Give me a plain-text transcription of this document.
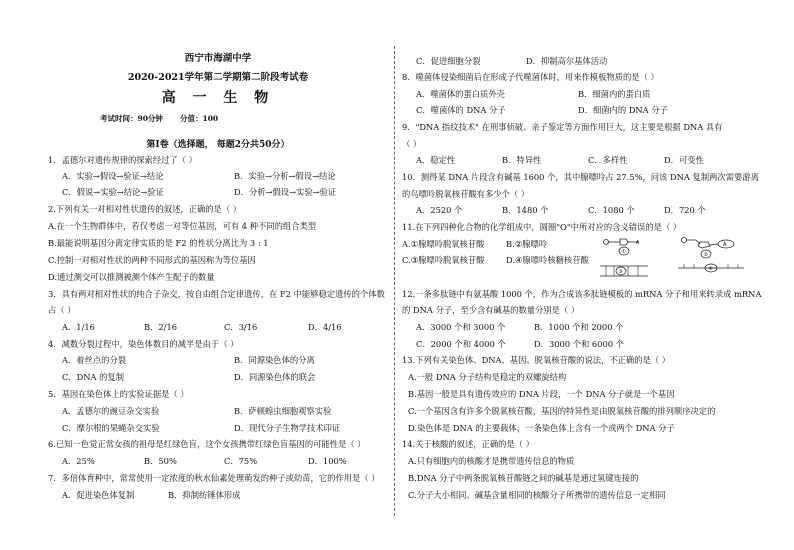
西宁市海湖中学
2020-2021学年第二学期第二阶段考试卷
高 一 生 物
考试时间：90分钟 分值：100
第Ⅰ卷（选择题， 每题2分共50分）
1．孟德尔对遗传规律的探索经过了（ ）
A．实验→假设→验证→结论	B．实验→分析→假设→结论
C．假说→实验→结论→验证	D．分析→假设→实验→验证
2.下列有关一对相对性状遗传的叙述，正确的是（ ）
A.在一个生物群体中，若仅考虑一对等位基因，可有 4 种不同的组合类型
B.最能说明基因分离定律实质的是 F2 的性状分离比为 3 : 1
C.控制一对相对性状的两种不同形式的基因称为等位基因
D.通过测交可以推测被测个体产生配子的数量
3．具有两对相对性状的纯合子杂交，按自由组合定律遗传，在 F2 中能够稳定遗传的个体数
占（ ）
A．1/16	B．2/16	C．3/16	D．4/16
4．减数分裂过程中，染色体数目的减半是由于（ ）
A．着丝点的分裂	B．同源染色体的分离
C．DNA 的复制	D．同源染色体的联会
5．基因在染色体上的实验证据是（ ）
A．孟德尔的豌豆杂交实验	B．萨顿蝗虫细胞观察实验
C．摩尔根的果蝇杂交实验	D．现代分子生物学技术印证
6.已知一色觉正常女孩的祖母是红绿色盲，这个女孩携带红绿色盲基因的可能性是（ ）
A．25%	B．50%	C．75%	D．100%
7．多倍体育种中，常常使用一定浓度的秋水仙素处理萌发的种子或幼苗，它的作用是（ ）
A．促进染色体复制	B．抑制纺锤体形成
C．促进细胞分裂	D．抑制高尔基体活动
8．噬菌体侵染细菌后在形成子代噬菌体时，用来作模板物质的是（ ）
A．噬菌体的蛋白质外壳	B．细菌内的蛋白质
C．噬菌体的 DNA 分子	D．细菌内的 DNA 分子
9．"DNA 指纹技术" 在刑事侦破、亲子鉴定等方面作用巨大，这主要是根据 DNA 具有
（ ）
A．稳定性	B．特异性	C．多样性	D．可变性
10．测得某 DNA 片段含有碱基 1600 个，其中腺嘌呤占 27.5%，问该 DNA 复制两次需要游离
的鸟嘌呤脱氧核苷酸有多少个（ ）
A．2520 个	B．1480 个	C．1080 个	D．720 个
11.在下列四种化合物的化学组成中，圆圈"O"中所对应的含义错误的是（ ）
A.①腺嘌呤脱氧核苷酸	B.②腺嘌呤
C.③腺嘌呤脱氧核苷酸	D.④腺嘌呤核糖核苷酸
A
①
A
②
③	④
12.一条多肽链中有氨基酸 1000 个，作为合成该多肽链模板的 mRNA 分子和用来转录成 mRNA
的 DNA 分子，至少含有碱基的数量分别是（ ）
A．3000 个和 3000 个	B．1000 个和 2000 个
C．2000 个和 4000 个	D．3000 个和 6000 个
13.下列有关染色体、DNA、基因、脱氧核苷酸的说法，不正确的是（ ）
A.一般 DNA 分子结构是稳定的双螺旋结构
B.基因一般是具有遗传效应的 DNA 片段，一个 DNA 分子就是一个基因
C.一个基因含有许多个脱氧核苷酸，基因的特异性是由脱氧核苷酸的排列顺序决定的
D.染色体是 DNA 的主要载体，一条染色体上含有一个或两个 DNA 分子
14.关于核酸的叙述，正确的是（ ）
A.只有细胞内的核酸才是携带遗传信息的物质
B.DNA 分子中两条脱氧核苷酸链之间的碱基是通过氢键连接的
C.分子大小相同、碱基含量相同的核酸分子所携带的遗传信息一定相同
